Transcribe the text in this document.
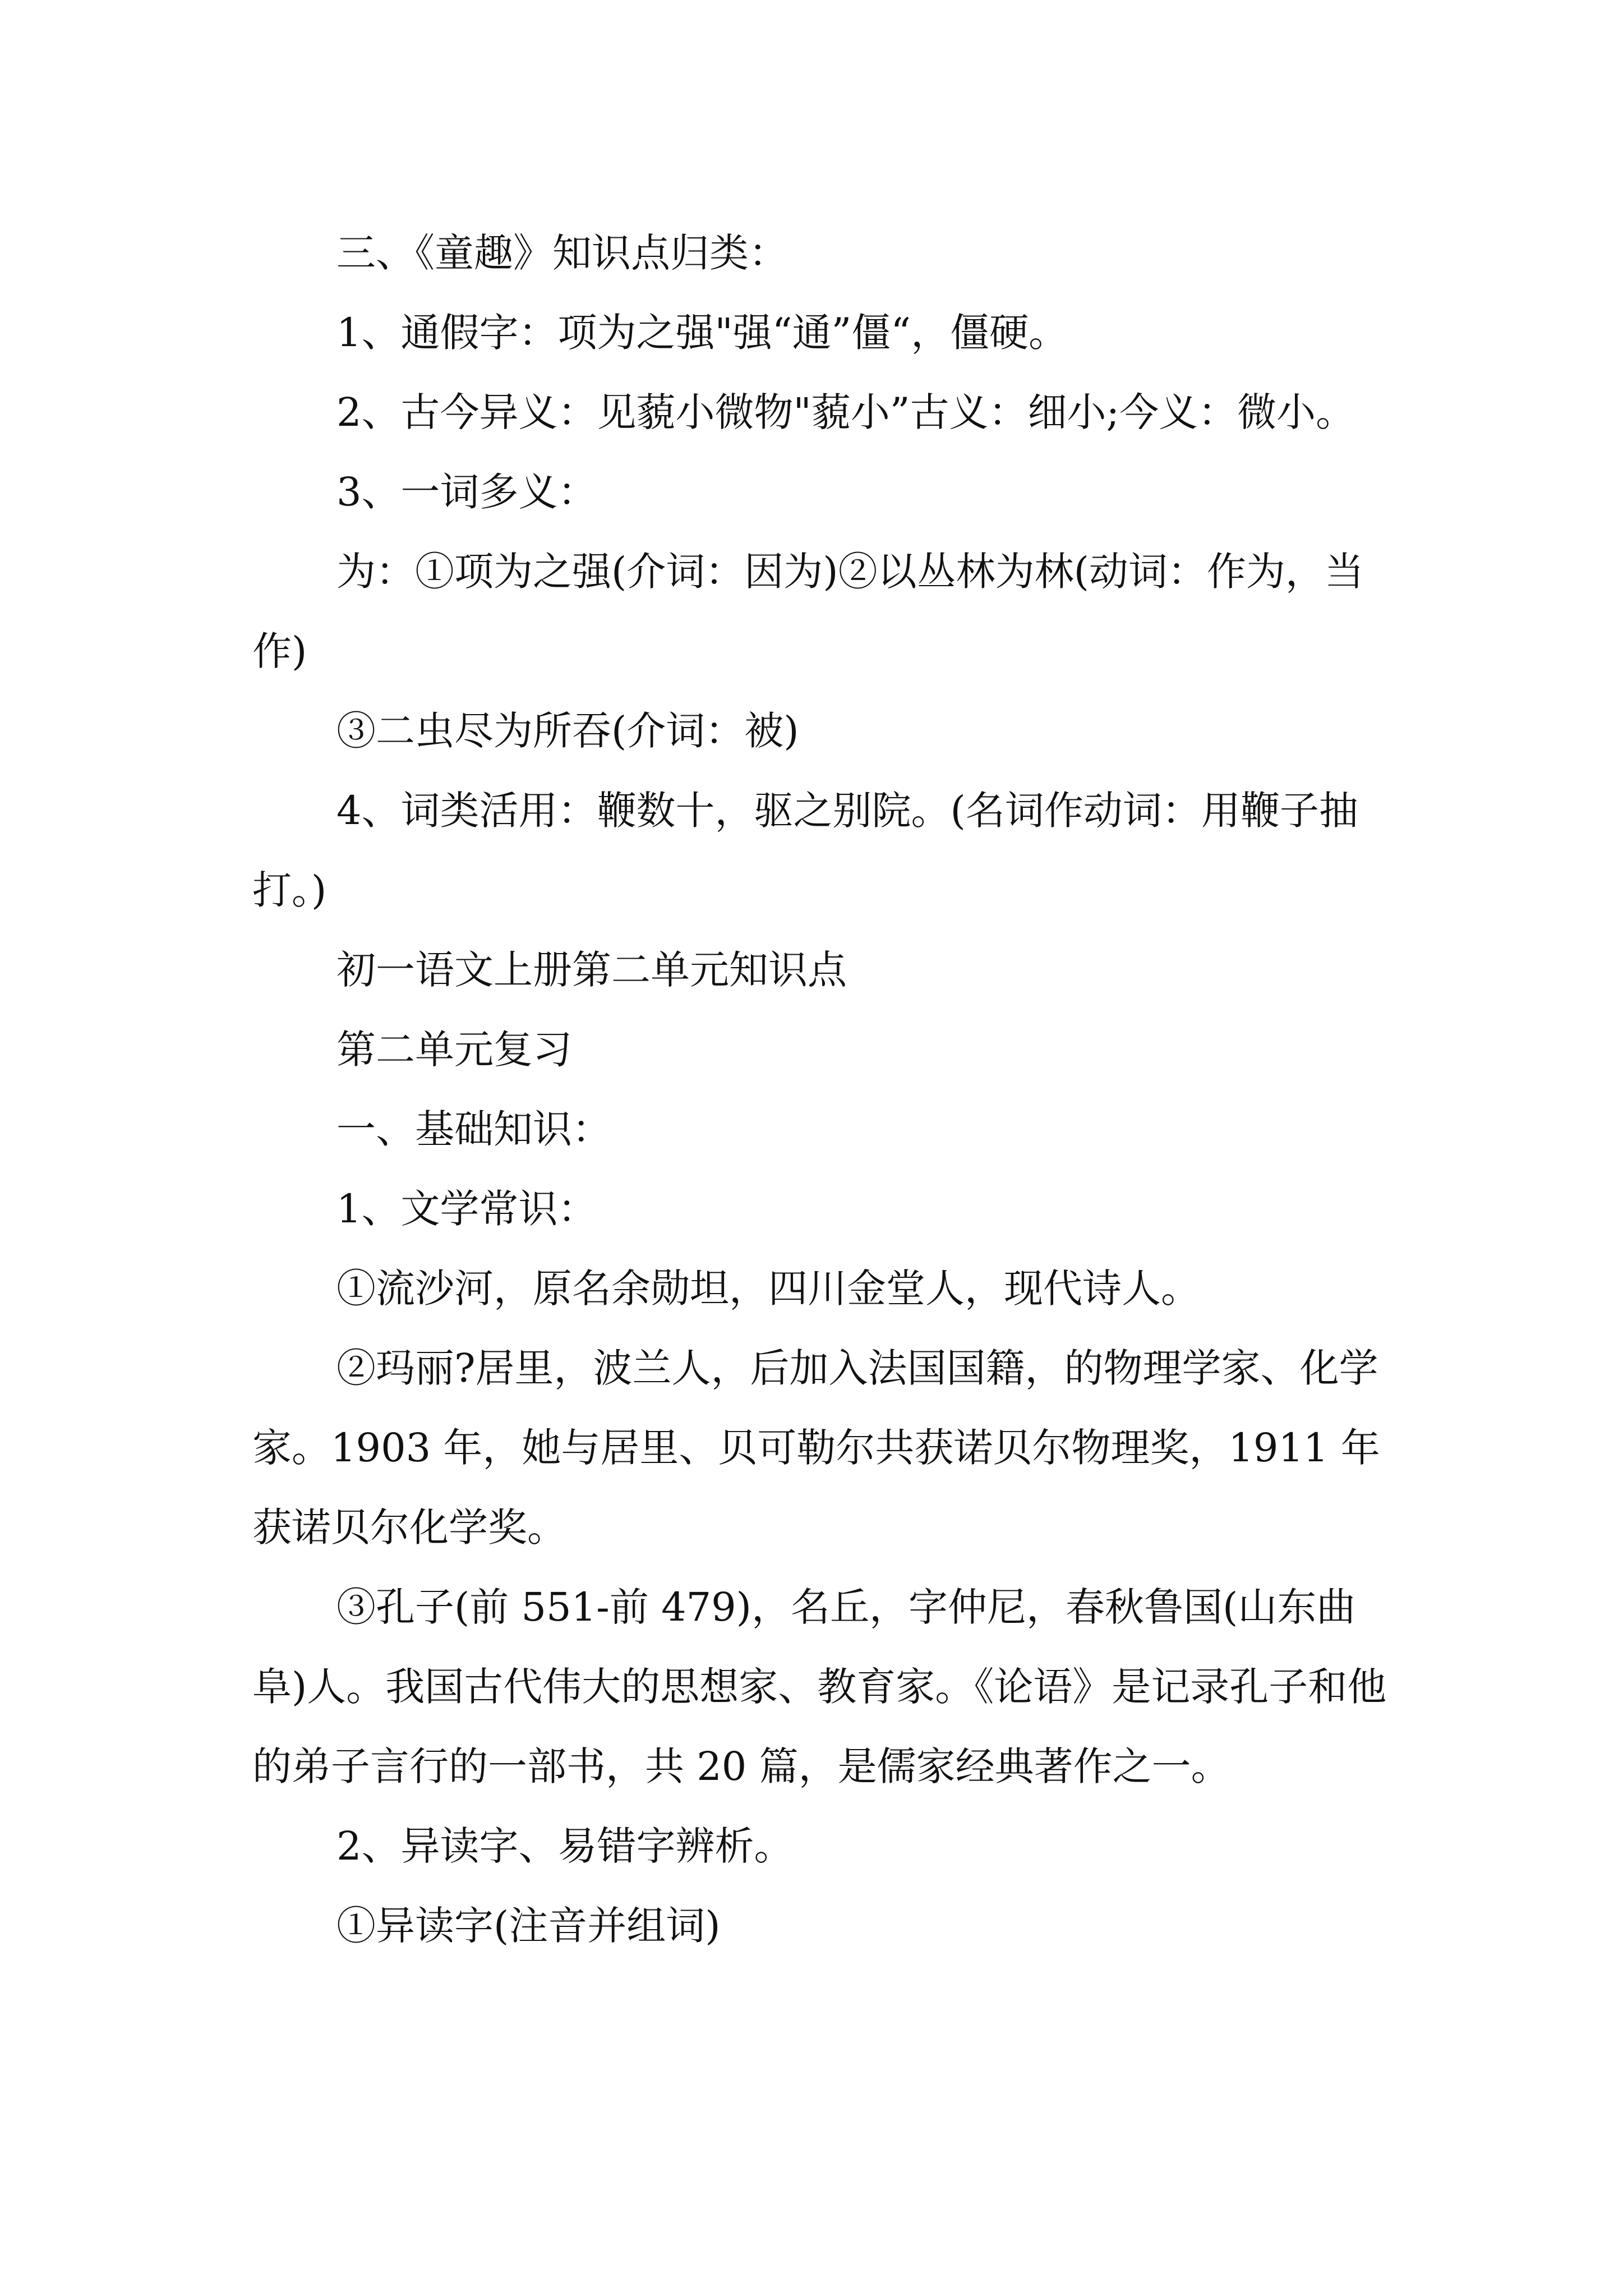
三、《童趣》知识点归类：

1、通假字：项为之强"强“通”僵“，僵硬。

2、古今异义：见藐小微物"藐小”古义：细小;今义：微小。

3、一词多义：

为：①项为之强(介词：因为)②以丛林为林(动词：作为，当作)

③二虫尽为所吞(介词：被)

4、词类活用：鞭数十，驱之别院。(名词作动词：用鞭子抽打。)

初一语文上册第二单元知识点

第二单元复习

一、基础知识：

1、文学常识：

①流沙河，原名余勋坦，四川金堂人，现代诗人。

②玛丽?居里，波兰人，后加入法国国籍，的物理学家、化学家。1903 年，她与居里、贝可勒尔共获诺贝尔物理奖，1911 年获诺贝尔化学奖。

③孔子(前 551-前 479)，名丘，字仲尼，春秋鲁国(山东曲阜)人。我国古代伟大的思想家、教育家。《论语》是记录孔子和他的弟子言行的一部书，共 20 篇，是儒家经典著作之一。

2、异读字、易错字辨析。

①异读字(注音并组词)
